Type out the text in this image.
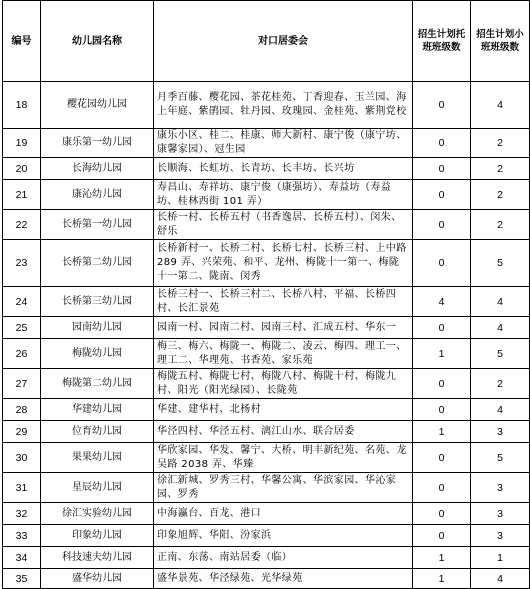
编号	幼儿园名称	对口居委会	招生计划托班班级数	招生计划小班班级数
18	樱花园幼儿园	月季百藤、樱花园、茶花桂苑、丁香迎春、玉兰园、海上年庭、紫鹃园、牡丹园、玫瑰园、金桂苑、紫荆党校	0	4
19	康乐第一幼儿园	康乐小区、桂二、桂康、师大新村、康宁俊（康宁坊、康馨家园）、冠生园	0	2
20	长海幼儿园	长顺海、长虹坊、长青坊、长丰坊、长兴坊	0	2
21	康沁幼儿园	寿昌山、寿祥坊、康宁俊（康强坊）、寿益坊（寿益坊、桂林西街 101 弄）	0	2
22	长桥第一幼儿园	长桥一村、长桥五村（书香逸居、长桥五村）、闵朱、舒乐	0	2
23	长桥第二幼儿园	长桥新村一、长桥二村、长桥七村、长桥三村、上中路 289 弄、兴荣苑、和平、龙州、梅陇十一第一、梅陇十一第二、陇南、闵秀	0	5
24	长桥第三幼儿园	长桥三村一、长桥三村二、长桥八村、平福、长桥四村、长汇景苑	4	4
25	园南幼儿园	园南一村、园南二村、园南三村、汇成五村、华东一	0	4
26	梅陇幼儿园	梅三、梅六、梅陇一、梅陇二、凌云、梅四、理工一、理工二、华理苑、书香苑、家乐苑	1	5
27	梅陇第二幼儿园	梅陇五村、梅陇七村、梅陇八村、梅陇十村、梅陇九村、阳光（阳光绿园）、长陇苑	0	2
28	华建幼儿园	华建、建华村、北杨村	0	4
29	位育幼儿园	华泾四村、华泾五村、漓江山水、联合居委	1	3
30	果果幼儿园	华欣家园、华发、馨宁、大桥、明丰新纪苑、名苑、龙吴路 2038 弄、华臻	0	5
31	星辰幼儿园	徐汇新城、罗秀三村、华馨公寓、华滨家园、华沁家园、罗秀	0	3
32	徐汇实验幼儿园	中海瀛台、百龙、港口	0	3
33	印象幼儿园	印象旭辉、华阳、汾家浜	0	3
34	科技速夫幼儿园	正南、东荡、南站居委（临）	1	1
35	盛华幼儿园	盛华景苑、华泾绿苑、光华绿苑	1	4
